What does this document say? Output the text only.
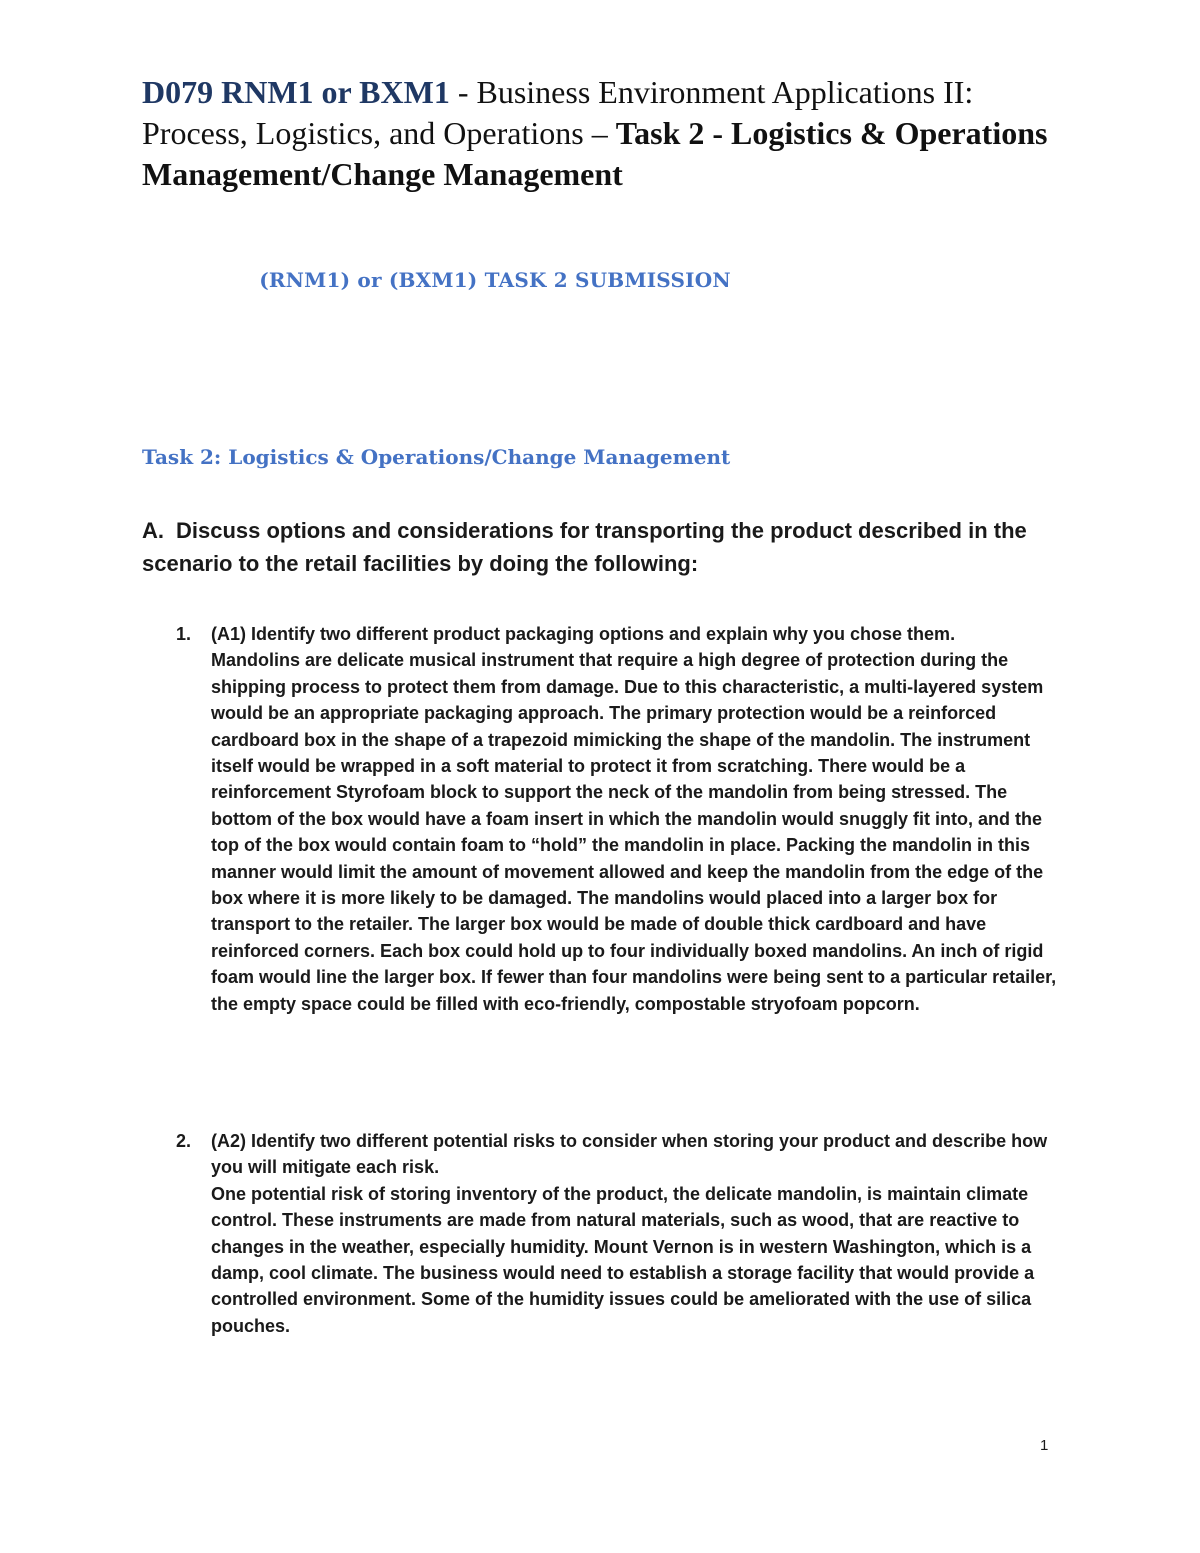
D079 RNM1 or BXM1 - Business Environment Applications II: Process, Logistics, and Operations – Task 2 - Logistics & Operations Management/Change Management
(RNM1) or (BXM1) TASK 2 SUBMISSION
Task 2: Logistics & Operations/Change Management
A. Discuss options and considerations for transporting the product described in the scenario to the retail facilities by doing the following:
1.	(A1) Identify two different product packaging options and explain why you chose them.
Mandolins are delicate musical instrument that require a high degree of protection during the shipping process to protect them from damage. Due to this characteristic, a multi-layered system would be an appropriate packaging approach. The primary protection would be a reinforced cardboard box in the shape of a trapezoid mimicking the shape of the mandolin. The instrument itself would be wrapped in a soft material to protect it from scratching. There would be a reinforcement Styrofoam block to support the neck of the mandolin from being stressed. The bottom of the box would have a foam insert in which the mandolin would snuggly fit into, and the top of the box would contain foam to “hold” the mandolin in place. Packing the mandolin in this manner would limit the amount of movement allowed and keep the mandolin from the edge of the box where it is more likely to be damaged. The mandolins would placed into a larger box for transport to the retailer. The larger box would be made of double thick cardboard and have reinforced corners. Each box could hold up to four individually boxed mandolins. An inch of rigid foam would line the larger box. If fewer than four mandolins were being sent to a particular retailer, the empty space could be filled with eco-friendly, compostable stryofoam popcorn.
2.	(A2) Identify two different potential risks to consider when storing your product and describe how you will mitigate each risk.
One potential risk of storing inventory of the product, the delicate mandolin, is maintain climate control. These instruments are made from natural materials, such as wood, that are reactive to changes in the weather, especially humidity. Mount Vernon is in western Washington, which is a damp, cool climate. The business would need to establish a storage facility that would provide a controlled environment. Some of the humidity issues could be ameliorated with the use of silica pouches.
1
